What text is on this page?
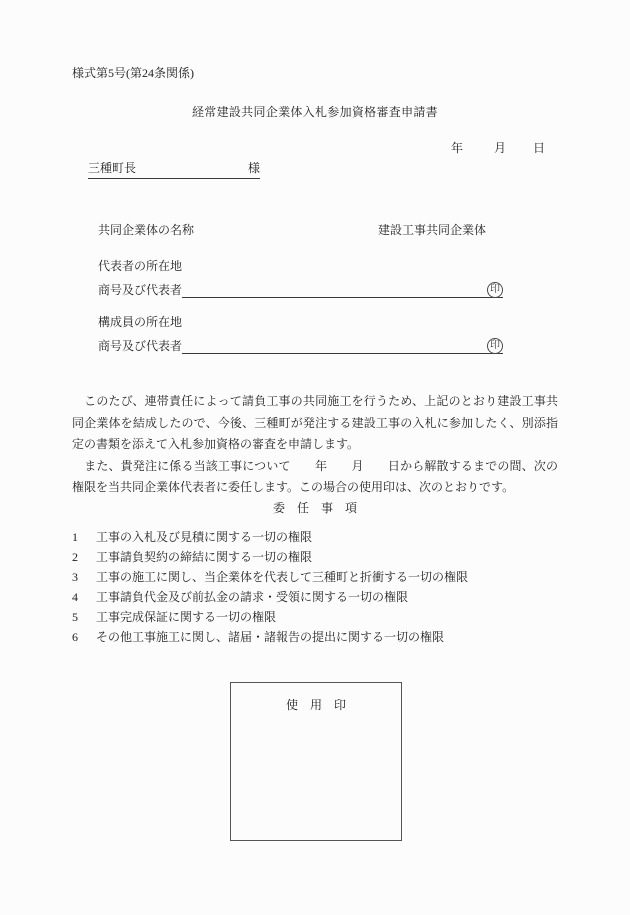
様式第5号(第24条関係)
経常建設共同企業体入札参加資格審査申請書
年	月 日
三種町長	様
共同企業体の名称	建設工事共同企業体
代表者の所在地
商号及び代表者	印
構成員の所在地
商号及び代表者	印
　このたび、連帯責任によって請負工事の共同施工を行うため、上記のとおり建設工事共同企業体を結成したので、今後、三種町が発注する建設工事の入札に参加したく、別添指定の書類を添えて入札参加資格の審査を申請します。
　また、貴発注に係る当該工事について　　年　　月　　日から解散するまでの間、次の権限を当共同企業体代表者に委任します。この場合の使用印は、次のとおりです。
委　任　事　項
1	工事の入札及び見積に関する一切の権限
2	工事請負契約の締結に関する一切の権限
3	工事の施工に関し、当企業体を代表して三種町と折衝する一切の権限
4	工事請負代金及び前払金の請求・受領に関する一切の権限
5	工事完成保証に関する一切の権限
6	その他工事施工に関し、諸届・諸報告の提出に関する一切の権限
使　用　印
